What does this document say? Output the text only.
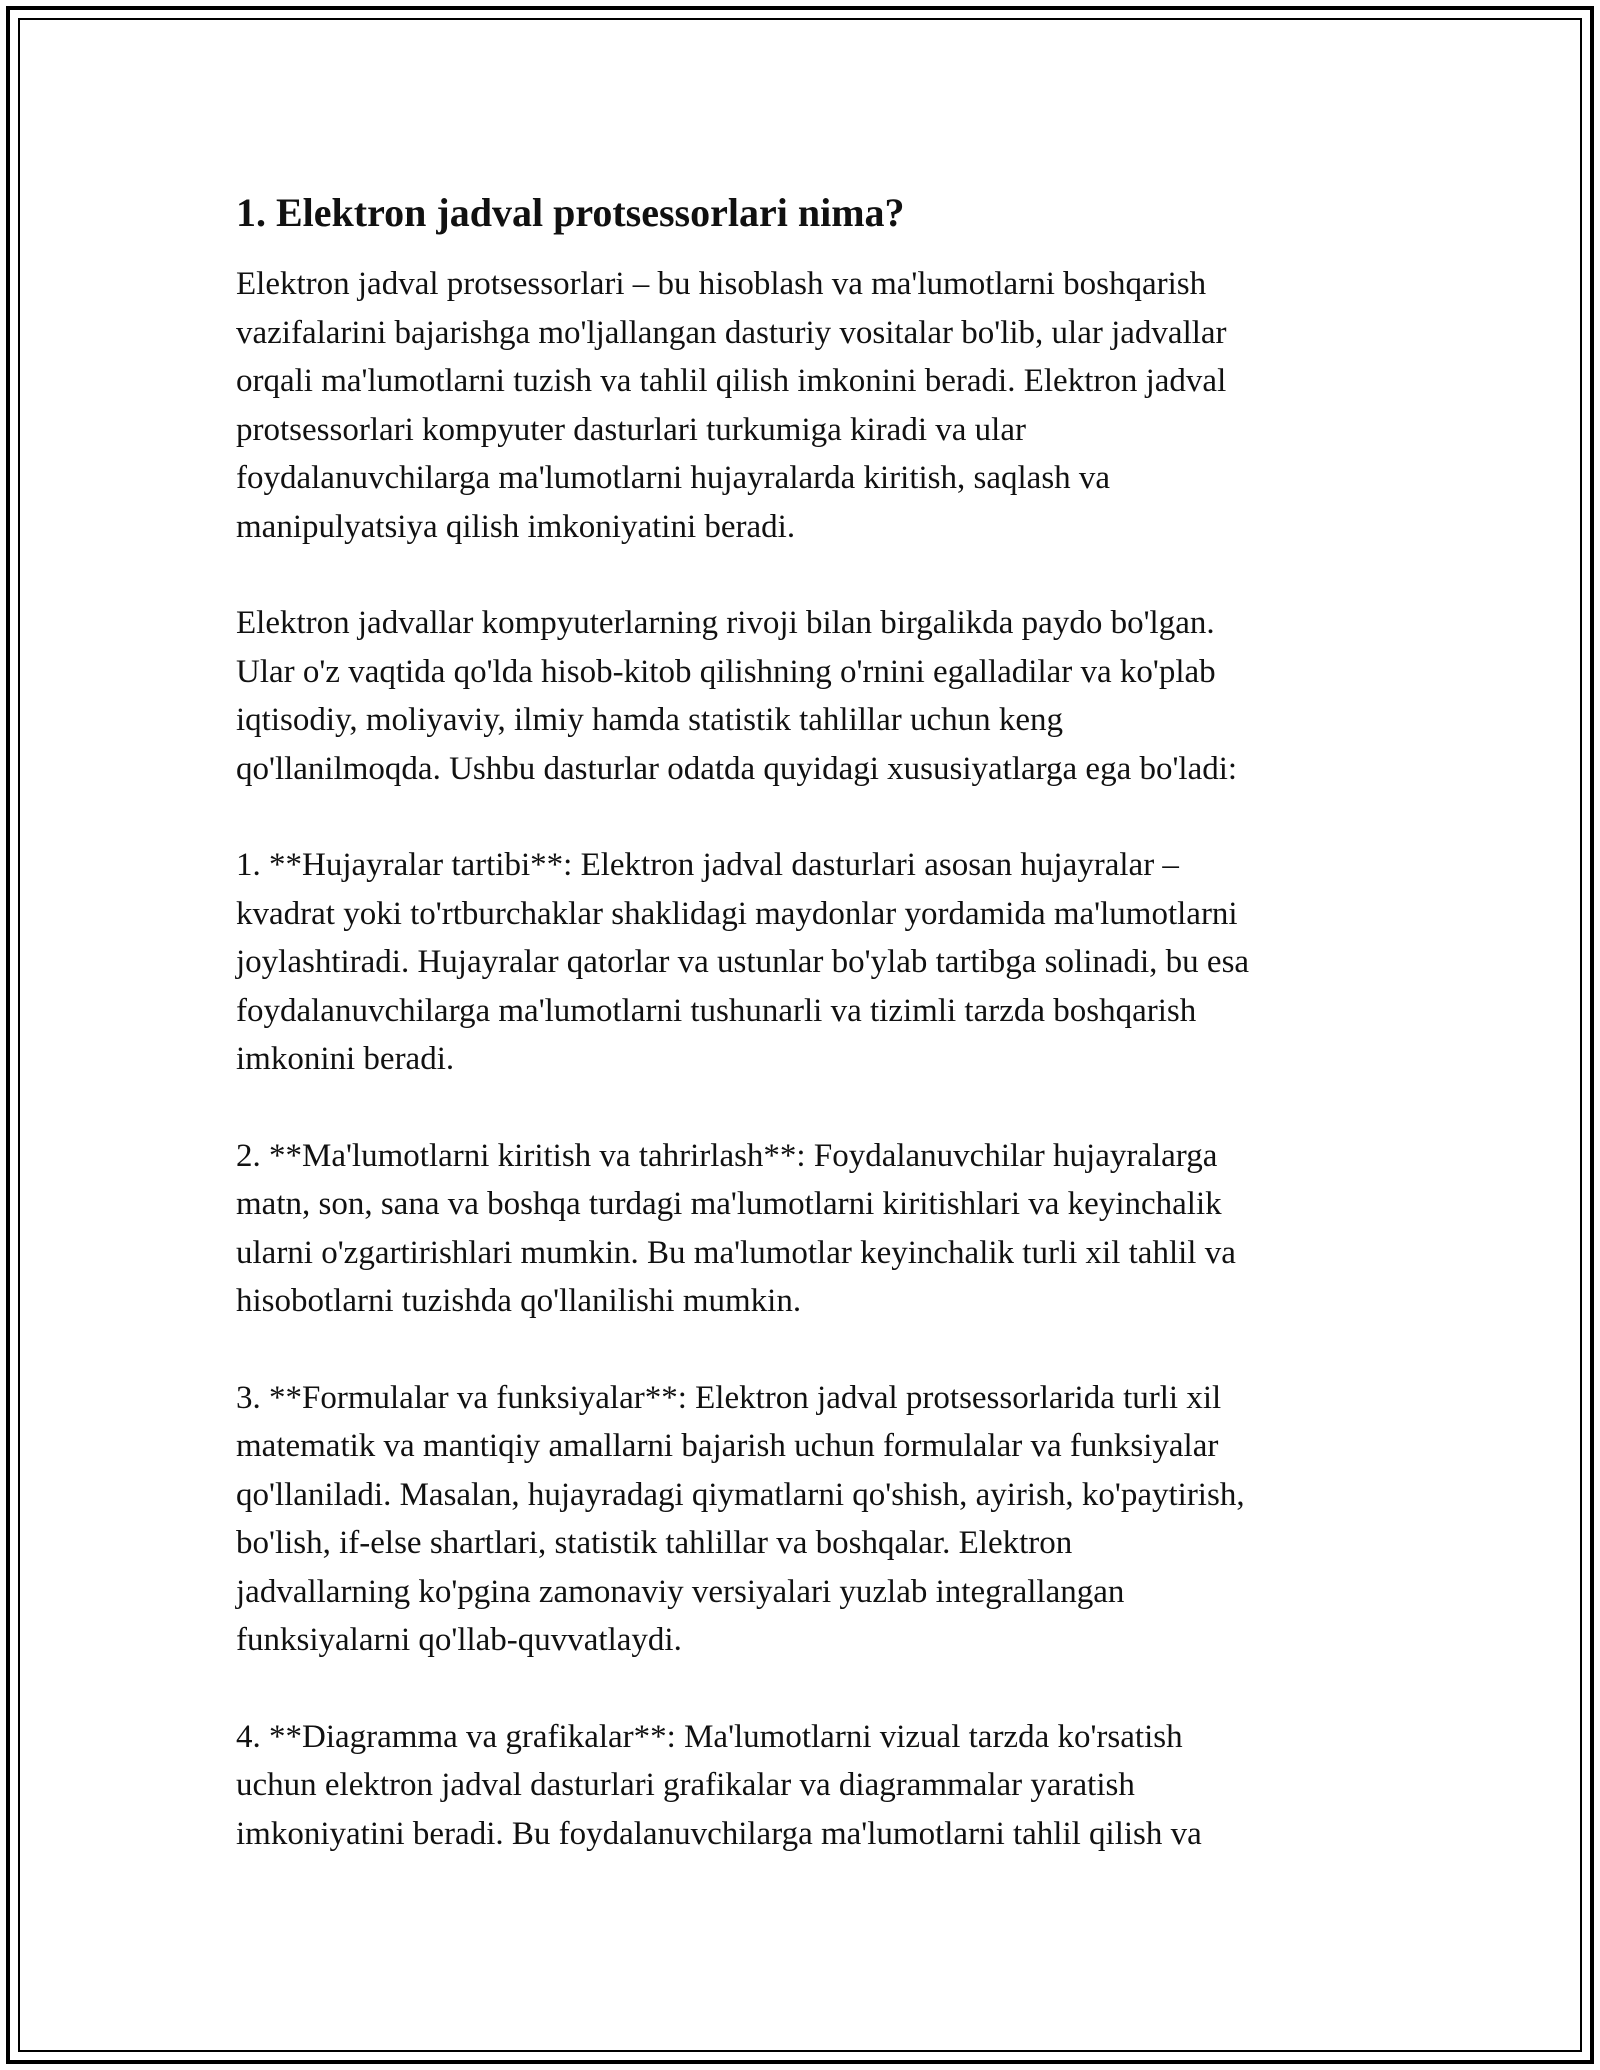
1. Elektron jadval protsessorlari nima?

Elektron jadval protsessorlari – bu hisoblash va ma'lumotlarni boshqarish
vazifalarini bajarishga mo'ljallangan dasturiy vositalar bo'lib, ular jadvallar
orqali ma'lumotlarni tuzish va tahlil qilish imkonini beradi. Elektron jadval
protsessorlari kompyuter dasturlari turkumiga kiradi va ular
foydalanuvchilarga ma'lumotlarni hujayralarda kiritish, saqlash va
manipulyatsiya qilish imkoniyatini beradi.

Elektron jadvallar kompyuterlarning rivoji bilan birgalikda paydo bo'lgan.
Ular o'z vaqtida qo'lda hisob-kitob qilishning o'rnini egalladilar va ko'plab
iqtisodiy, moliyaviy, ilmiy hamda statistik tahlillar uchun keng
qo'llanilmoqda. Ushbu dasturlar odatda quyidagi xususiyatlarga ega bo'ladi:

1. **Hujayralar tartibi**: Elektron jadval dasturlari asosan hujayralar –
kvadrat yoki to'rtburchaklar shaklidagi maydonlar yordamida ma'lumotlarni
joylashtiradi. Hujayralar qatorlar va ustunlar bo'ylab tartibga solinadi, bu esa
foydalanuvchilarga ma'lumotlarni tushunarli va tizimli tarzda boshqarish
imkonini beradi.

2. **Ma'lumotlarni kiritish va tahrirlash**: Foydalanuvchilar hujayralarga
matn, son, sana va boshqa turdagi ma'lumotlarni kiritishlari va keyinchalik
ularni o'zgartirishlari mumkin. Bu ma'lumotlar keyinchalik turli xil tahlil va
hisobotlarni tuzishda qo'llanilishi mumkin.

3. **Formulalar va funksiyalar**: Elektron jadval protsessorlarida turli xil
matematik va mantiqiy amallarni bajarish uchun formulalar va funksiyalar
qo'llaniladi. Masalan, hujayradagi qiymatlarni qo'shish, ayirish, ko'paytirish,
bo'lish, if-else shartlari, statistik tahlillar va boshqalar. Elektron
jadvallarning ko'pgina zamonaviy versiyalari yuzlab integrallangan
funksiyalarni qo'llab-quvvatlaydi.

4. **Diagramma va grafikalar**: Ma'lumotlarni vizual tarzda ko'rsatish
uchun elektron jadval dasturlari grafikalar va diagrammalar yaratish
imkoniyatini beradi. Bu foydalanuvchilarga ma'lumotlarni tahlil qilish va
